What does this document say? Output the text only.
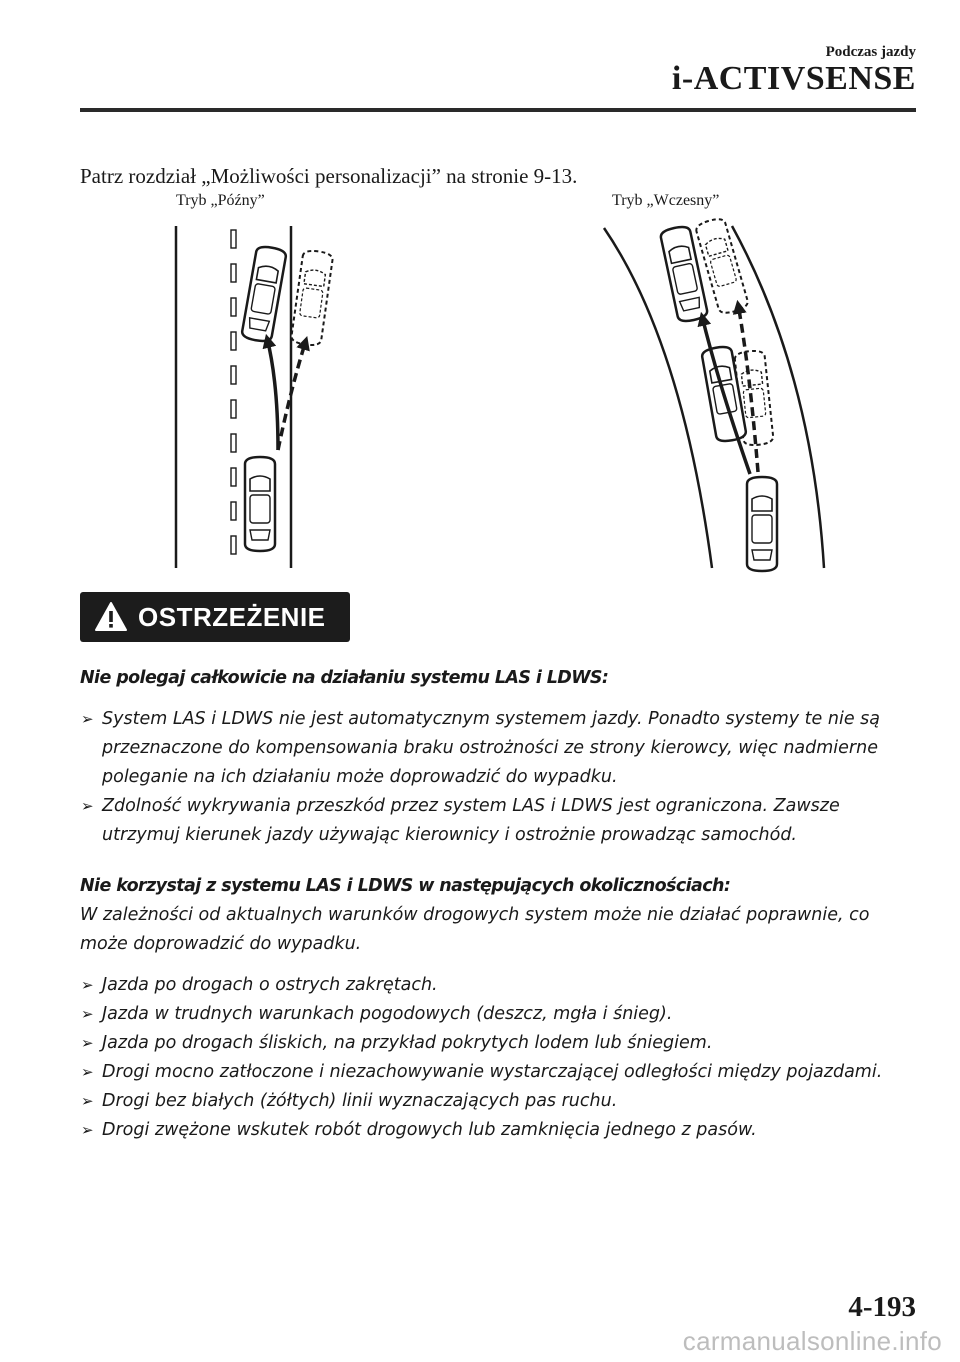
Podczas jazdy
i-ACTIVSENSE
Patrz rozdział „Możliwości personalizacji” na stronie 9-13.
Tryb „Późny”	Tryb „Wczesny”
OSTRZEŻENIE

Nie polegaj całkowicie na działaniu systemu LAS i LDWS:

➢ System LAS i LDWS nie jest automatycznym systemem jazdy. Ponadto systemy te nie są przeznaczone do kompensowania braku ostrożności ze strony kierowcy, więc nadmierne poleganie na ich działaniu może doprowadzić do wypadku.
➢ Zdolność wykrywania przeszkód przez system LAS i LDWS jest ograniczona. Zawsze utrzymuj kierunek jazdy używając kierownicy i ostrożnie prowadząc samochód.

Nie korzystaj z systemu LAS i LDWS w następujących okolicznościach:

W zależności od aktualnych warunków drogowych system może nie działać poprawnie, co może doprowadzić do wypadku.

➢ Jazda po drogach o ostrych zakrętach.
➢ Jazda w trudnych warunkach pogodowych (deszcz, mgła i śnieg).
➢ Jazda po drogach śliskich, na przykład pokrytych lodem lub śniegiem.
➢ Drogi mocno zatłoczone i niezachowywanie wystarczającej odległości między pojazdami.
➢ Drogi bez białych (żółtych) linii wyznaczających pas ruchu.
➢ Drogi zwężone wskutek robót drogowych lub zamknięcia jednego z pasów.
4-193
carmanualsonline.info
